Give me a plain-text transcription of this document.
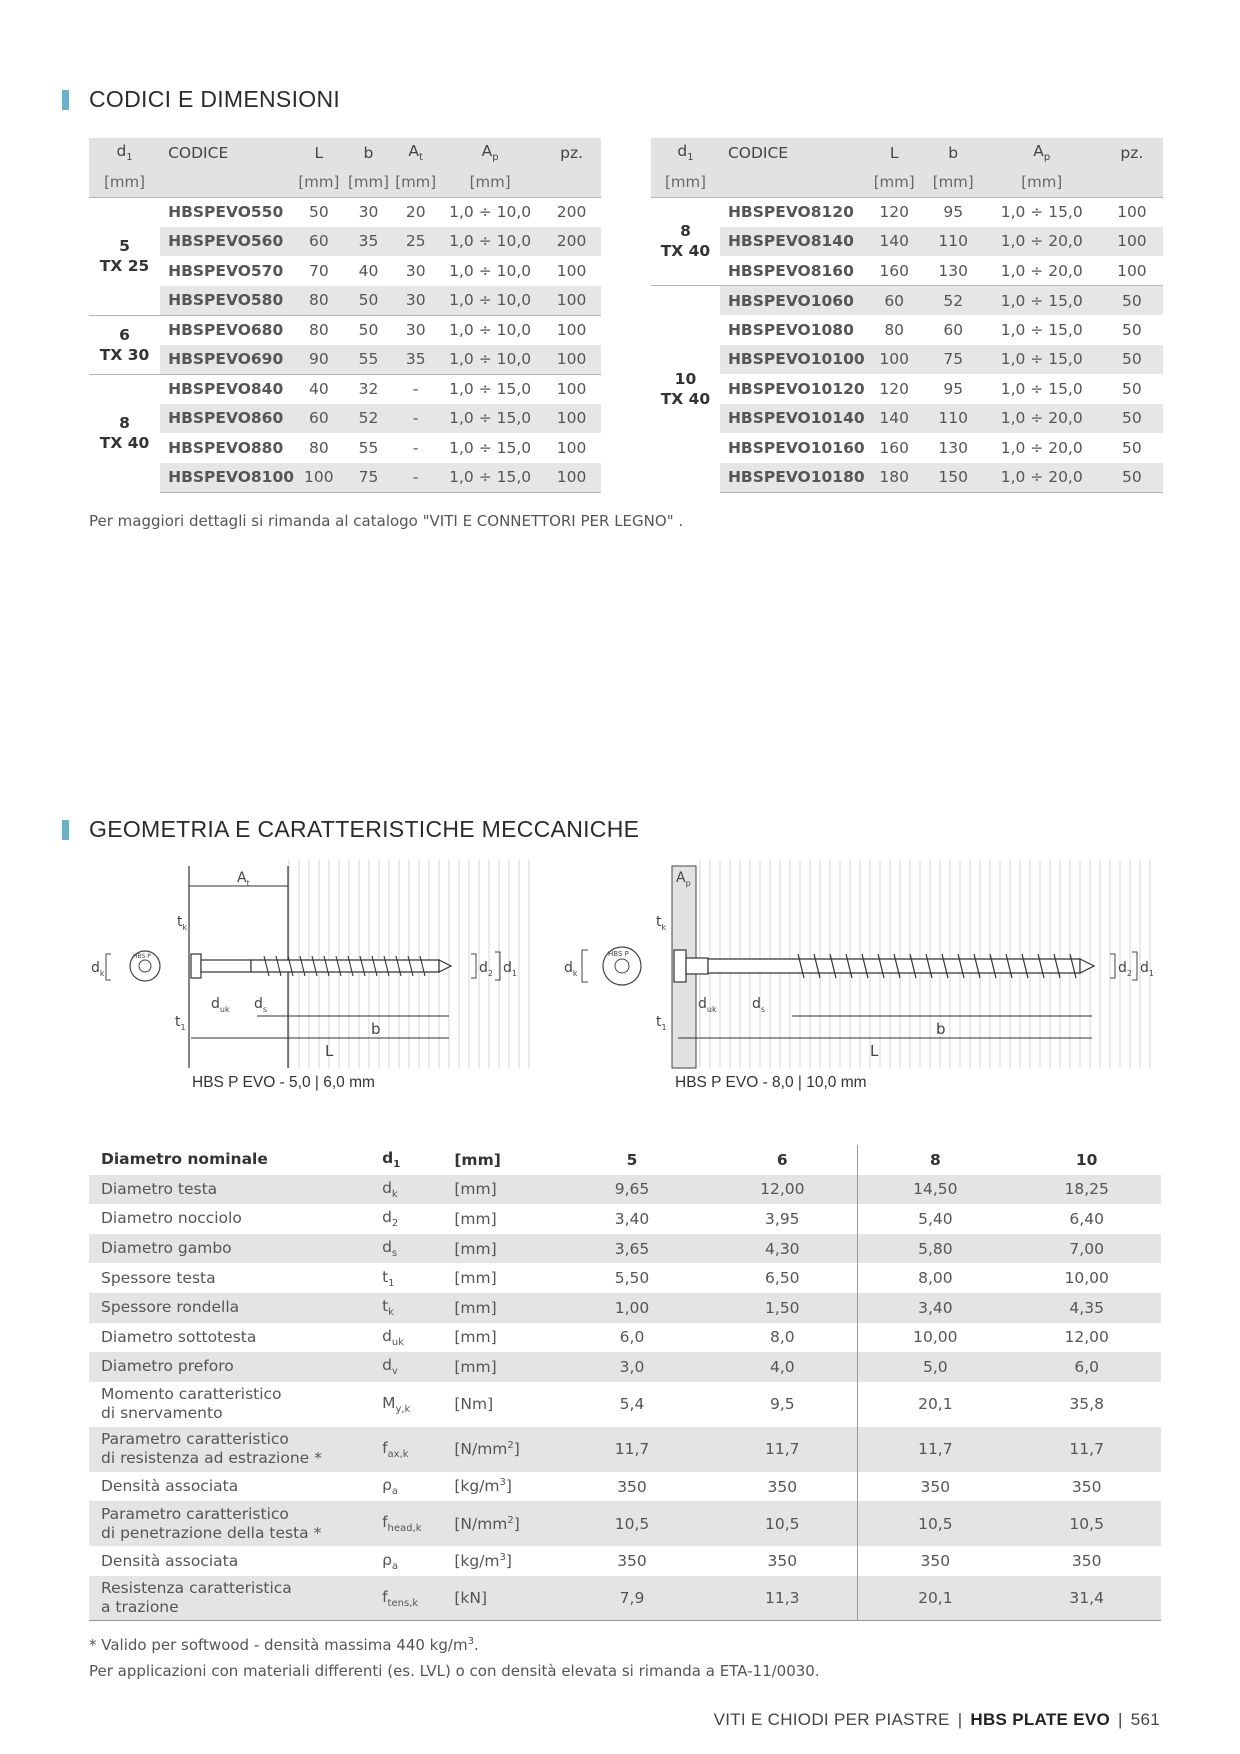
CODICI E DIMENSIONI
$d_1$	CODICE	L	b	$A_t$	$A_p$	pz.
[mm]		[mm]	[mm]	[mm]	[mm]	

5
TX 25	HBSPEVO550	50	30	20	1,0 ÷ 10,0	200
	HBSPEVO560	60	35	25	1,0 ÷ 10,0	200
	HBSPEVO570	70	40	30	1,0 ÷ 10,0	100
	HBSPEVO580	80	50	30	1,0 ÷ 10,0	100

6
TX 30	HBSPEVO680	80	50	30	1,0 ÷ 10,0	100
	HBSPEVO690	90	55	35	1,0 ÷ 10,0	100

8
TX 40	HBSPEVO840	40	32	-	1,0 ÷ 15,0	100
	HBSPEVO860	60	52	-	1,0 ÷ 15,0	100
	HBSPEVO880	80	55	-	1,0 ÷ 15,0	100
	HBSPEVO8100	100	75	-	1,0 ÷ 15,0	100
$d_1$	CODICE	L	b	$A_p$	pz.
[mm]		[mm]	[mm]	[mm]	

8
TX 40	HBSPEVO8120	120	95	1,0 ÷ 15,0	100
	HBSPEVO8140	140	110	1,0 ÷ 20,0	100
	HBSPEVO8160	160	130	1,0 ÷ 20,0	100

10
TX 40	HBSPEVO1060	60	52	1,0 ÷ 15,0	50
	HBSPEVO1080	80	60	1,0 ÷ 15,0	50
	HBSPEVO10100	100	75	1,0 ÷ 15,0	50
	HBSPEVO10120	120	95	1,0 ÷ 15,0	50
	HBSPEVO10140	140	110	1,0 ÷ 20,0	50
	HBSPEVO10160	160	130	1,0 ÷ 20,0	50
	HBSPEVO10180	180	150	1,0 ÷ 20,0	50
Per maggiori dettagli si rimanda al catalogo "VITI E CONNETTORI PER LEGNO" .
GEOMETRIA E CARATTERISTICHE MECCANICHE
$A_t$
HBS P
$d_k$
$t_k$
$t_1$
$d_2$ $d_1$
$d_{uk}$ $d_s$
b
L
HBS P EVO - 5,0 | 6,0 mm
$A_p$
HBS P
$d_k$
$t_k$
$t_1$
$d_2$ $d_1$
$d_{uk}$	$d_s$
b
L
HBS P EVO - 8,0 | 10,0 mm
Diametro nominale	$d_1$	[mm]	5	6	8	10

Diametro testa	$d_k$	[mm]	9,65	12,00	14,50	18,25

Diametro nocciolo	$d_2$	[mm]	3,40	3,95	5,40	6,40

Diametro gambo	$d_s$	[mm]	3,65	4,30	5,80	7,00

Spessore testa	$t_1$	[mm]	5,50	6,50	8,00	10,00

Spessore rondella	$t_k$	[mm]	1,00	1,50	3,40	4,35

Diametro sottotesta	$d_{uk}$	[mm]	6,0	8,0	10,00	12,00

Diametro preforo	$d_v$	[mm]	3,0	4,0	5,0	6,0

Momento caratteristico
di snervamento	$M_{y,k}$	[Nm]	5,4	9,5	20,1	35,8

Parametro caratteristico
di resistenza ad estrazione *	$f_{ax,k}$	$[N/mm^2]$	11,7	11,7	11,7	11,7

Densità associata	$\rho_a$	$[kg/m^3]$	350	350	350	350

Parametro caratteristico
di penetrazione della testa *	$f_{head,k}$	$[N/mm^2]$	10,5	10,5	10,5	10,5

Densità associata	$\rho_a$	$[kg/m^3]$	350	350	350	350

Resistenza caratteristica
a trazione	$f_{tens,k}$	[kN]	7,9	11,3	20,1	31,4
* Valido per softwood - densità massima 440 $kg/m^3$.
Per applicazioni con materiali differenti (es. LVL) o con densità elevata si rimanda a ETA-11/0030.
VITI E CHIODI PER PIASTRE | HBS PLATE EVO | 561
